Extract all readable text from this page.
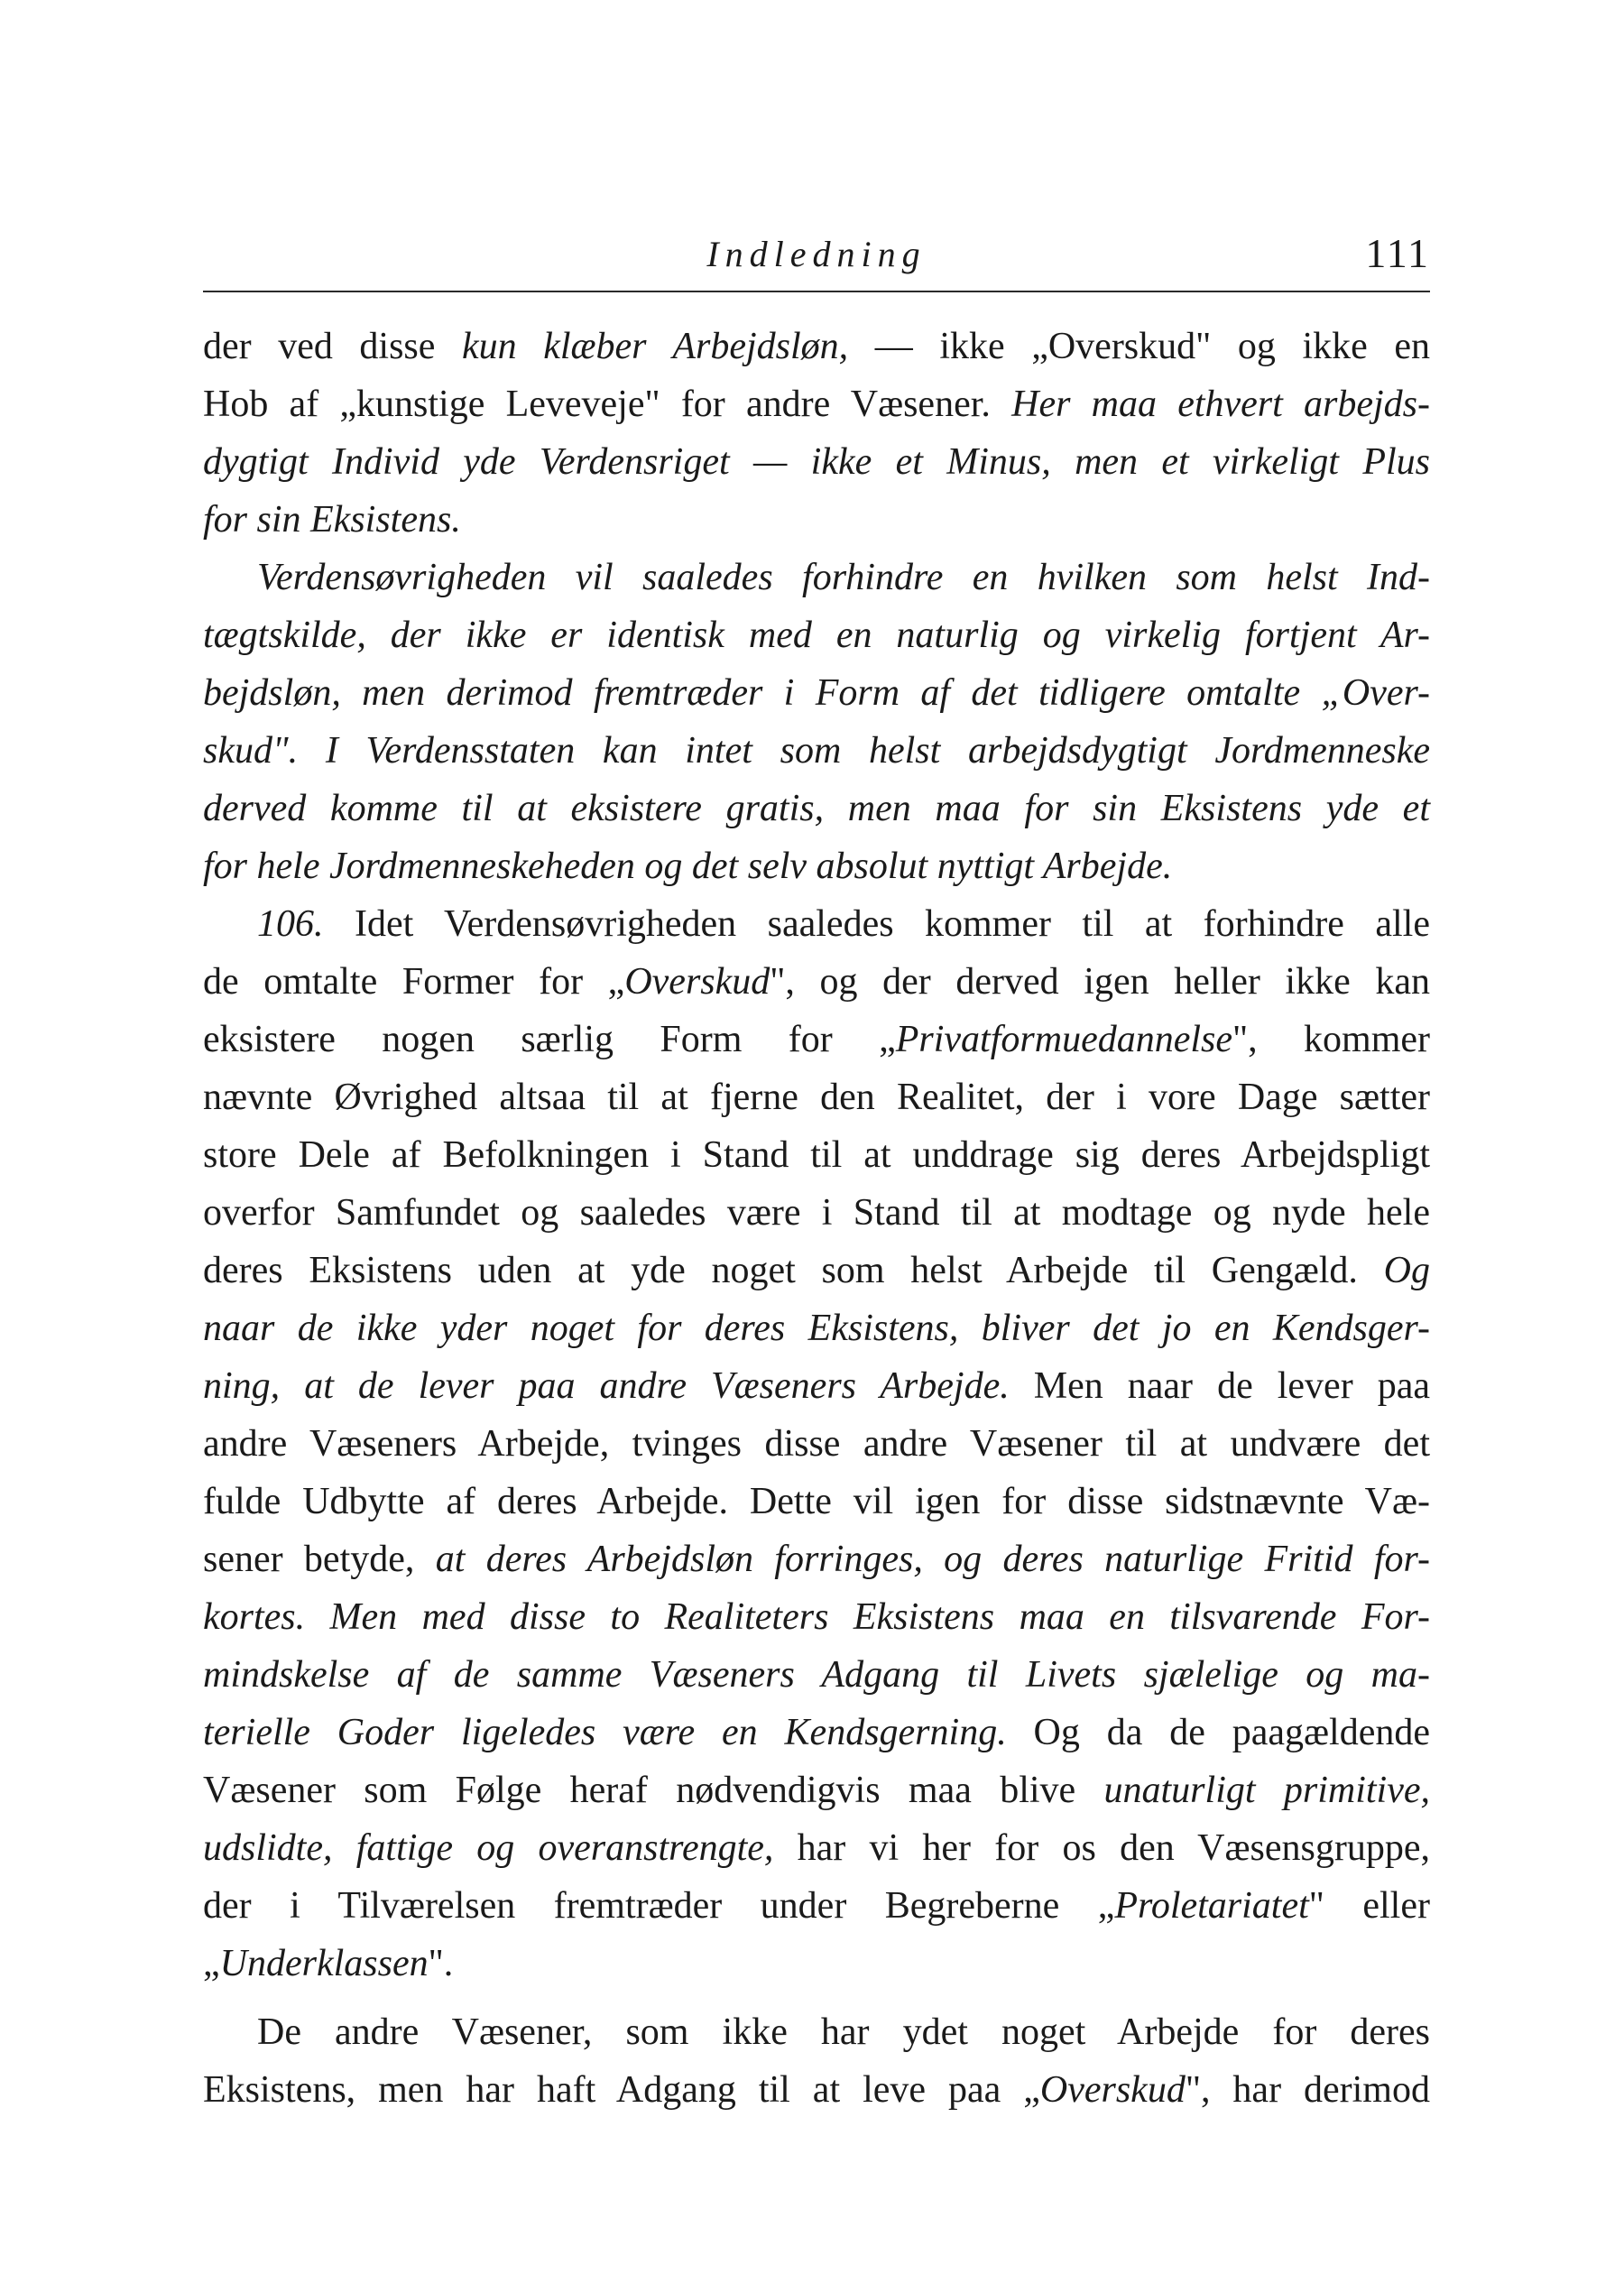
Indledning	111
der ved disse kun klæber Arbejdsløn, — ikke „Overskud" og ikke en
Hob af „kunstige Leveveje" for andre Væsener. Her maa ethvert arbejds-
dygtigt Individ yde Verdensriget — ikke et Minus, men et virkeligt Plus
for sin Eksistens.
Verdensøvrigheden vil saaledes forhindre en hvilken som helst Ind-
tægtskilde, der ikke er identisk med en naturlig og virkelig fortjent Ar-
bejdsløn, men derimod fremtræder i Form af det tidligere omtalte „Over-
skud". I Verdensstaten kan intet som helst arbejdsdygtigt Jordmenneske
derved komme til at eksistere gratis, men maa for sin Eksistens yde et
for hele Jordmenneskeheden og det selv absolut nyttigt Arbejde.
106. Idet Verdensøvrigheden saaledes kommer til at forhindre alle
de omtalte Former for „Overskud", og der derved igen heller ikke kan
eksistere nogen særlig Form for „Privatformuedannelse", kommer
nævnte Øvrighed altsaa til at fjerne den Realitet, der i vore Dage sætter
store Dele af Befolkningen i Stand til at unddrage sig deres Arbejdspligt
overfor Samfundet og saaledes være i Stand til at modtage og nyde hele
deres Eksistens uden at yde noget som helst Arbejde til Gengæld. Og
naar de ikke yder noget for deres Eksistens, bliver det jo en Kendsger-
ning, at de lever paa andre Væseners Arbejde. Men naar de lever paa
andre Væseners Arbejde, tvinges disse andre Væsener til at undvære det
fulde Udbytte af deres Arbejde. Dette vil igen for disse sidstnævnte Væ-
sener betyde, at deres Arbejdsløn forringes, og deres naturlige Fritid for-
kortes. Men med disse to Realiteters Eksistens maa en tilsvarende For-
mindskelse af de samme Væseners Adgang til Livets sjælelige og ma-
terielle Goder ligeledes være en Kendsgerning. Og da de paagældende
Væsener som Følge heraf nødvendigvis maa blive unaturligt primitive,
udslidte, fattige og overanstrengte, har vi her for os den Væsensgruppe,
der i Tilværelsen fremtræder under Begreberne „Proletariatet" eller
„Underklassen".
De andre Væsener, som ikke har ydet noget Arbejde for deres
Eksistens, men har haft Adgang til at leve paa „Overskud", har derimod
